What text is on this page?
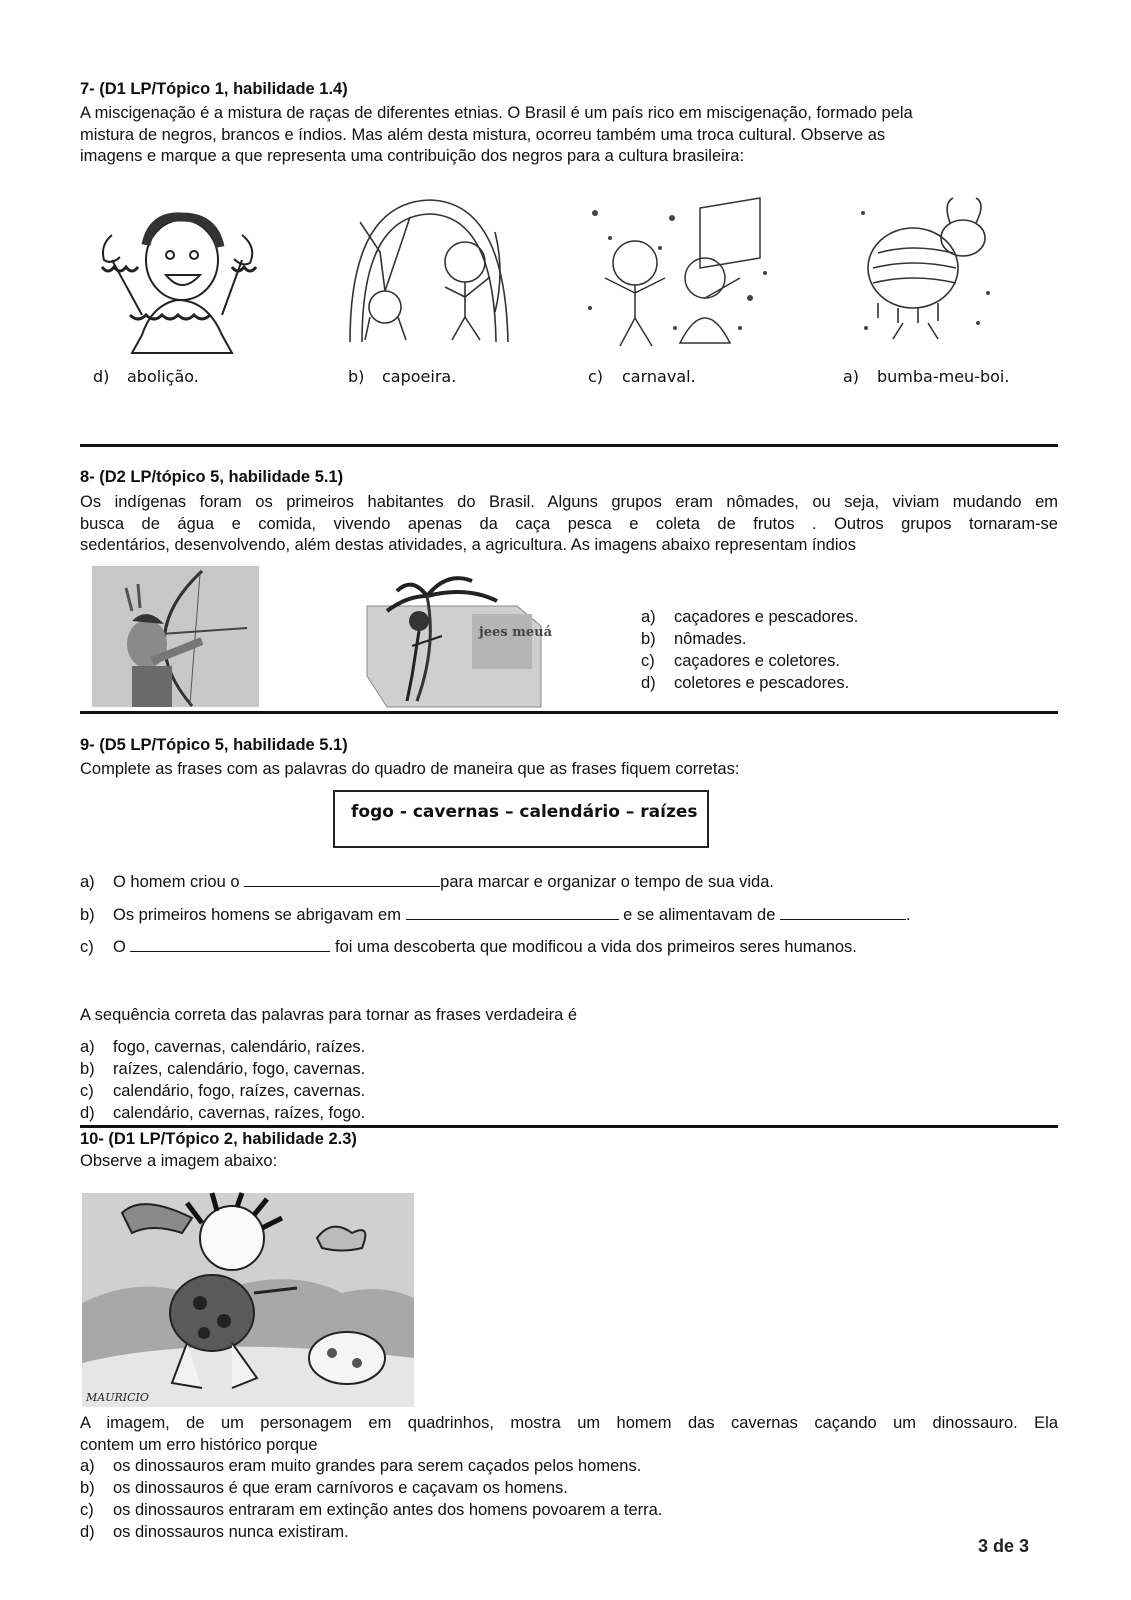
7- (D1 LP/Tópico 1, habilidade 1.4)
A miscigenação é a mistura de raças de diferentes etnias. O Brasil é um país rico em miscigenação, formado pela
mistura de negros, brancos e índios. Mas além desta mistura, ocorreu também uma troca cultural. Observe as
imagens e marque a que representa uma contribuição dos negros para a cultura brasileira:
d) abolição.	b) capoeira.	c) carnaval.	a) bumba-meu-boi.
8- (D2 LP/tópico 5, habilidade 5.1)
Os indígenas foram os primeiros habitantes do Brasil. Alguns grupos eram nômades, ou seja, viviam mudando em
busca de água e comida, vivendo apenas da caça pesca e coleta de frutos . Outros grupos tornaram-se
sedentários, desenvolvendo, além destas atividades, a agricultura. As imagens abaixo representam índios
jees meuá
a) caçadores e pescadores.
b) nômades.
c) caçadores e coletores.
d) coletores e pescadores.
9- (D5 LP/Tópico 5, habilidade 5.1)
Complete as frases com as palavras do quadro de maneira que as frases fiquem corretas:
fogo - cavernas – calendário – raízes
a) O homem criou o	para marcar e organizar o tempo de sua vida.
b) Os primeiros homens se abrigavam em	e se alimentavam de	.
c) O	foi uma descoberta que modificou a vida dos primeiros seres humanos.
A sequência correta das palavras para tornar as frases verdadeira é
a) fogo, cavernas, calendário, raízes.
b) raízes, calendário, fogo, cavernas.
c) calendário, fogo, raízes, cavernas.
d) calendário, cavernas, raízes, fogo.
10- (D1 LP/Tópico 2, habilidade 2.3)
Observe a imagem abaixo:
MAURICIO
A imagem, de um personagem em quadrinhos, mostra um homem das cavernas caçando um dinossauro. Ela
contem um erro histórico porque
a) os dinossauros eram muito grandes para serem caçados pelos homens.
b) os dinossauros é que eram carnívoros e caçavam os homens.
c) os dinossauros entraram em extinção antes dos homens povoarem a terra.
d) os dinossauros nunca existiram.
3 de 3
